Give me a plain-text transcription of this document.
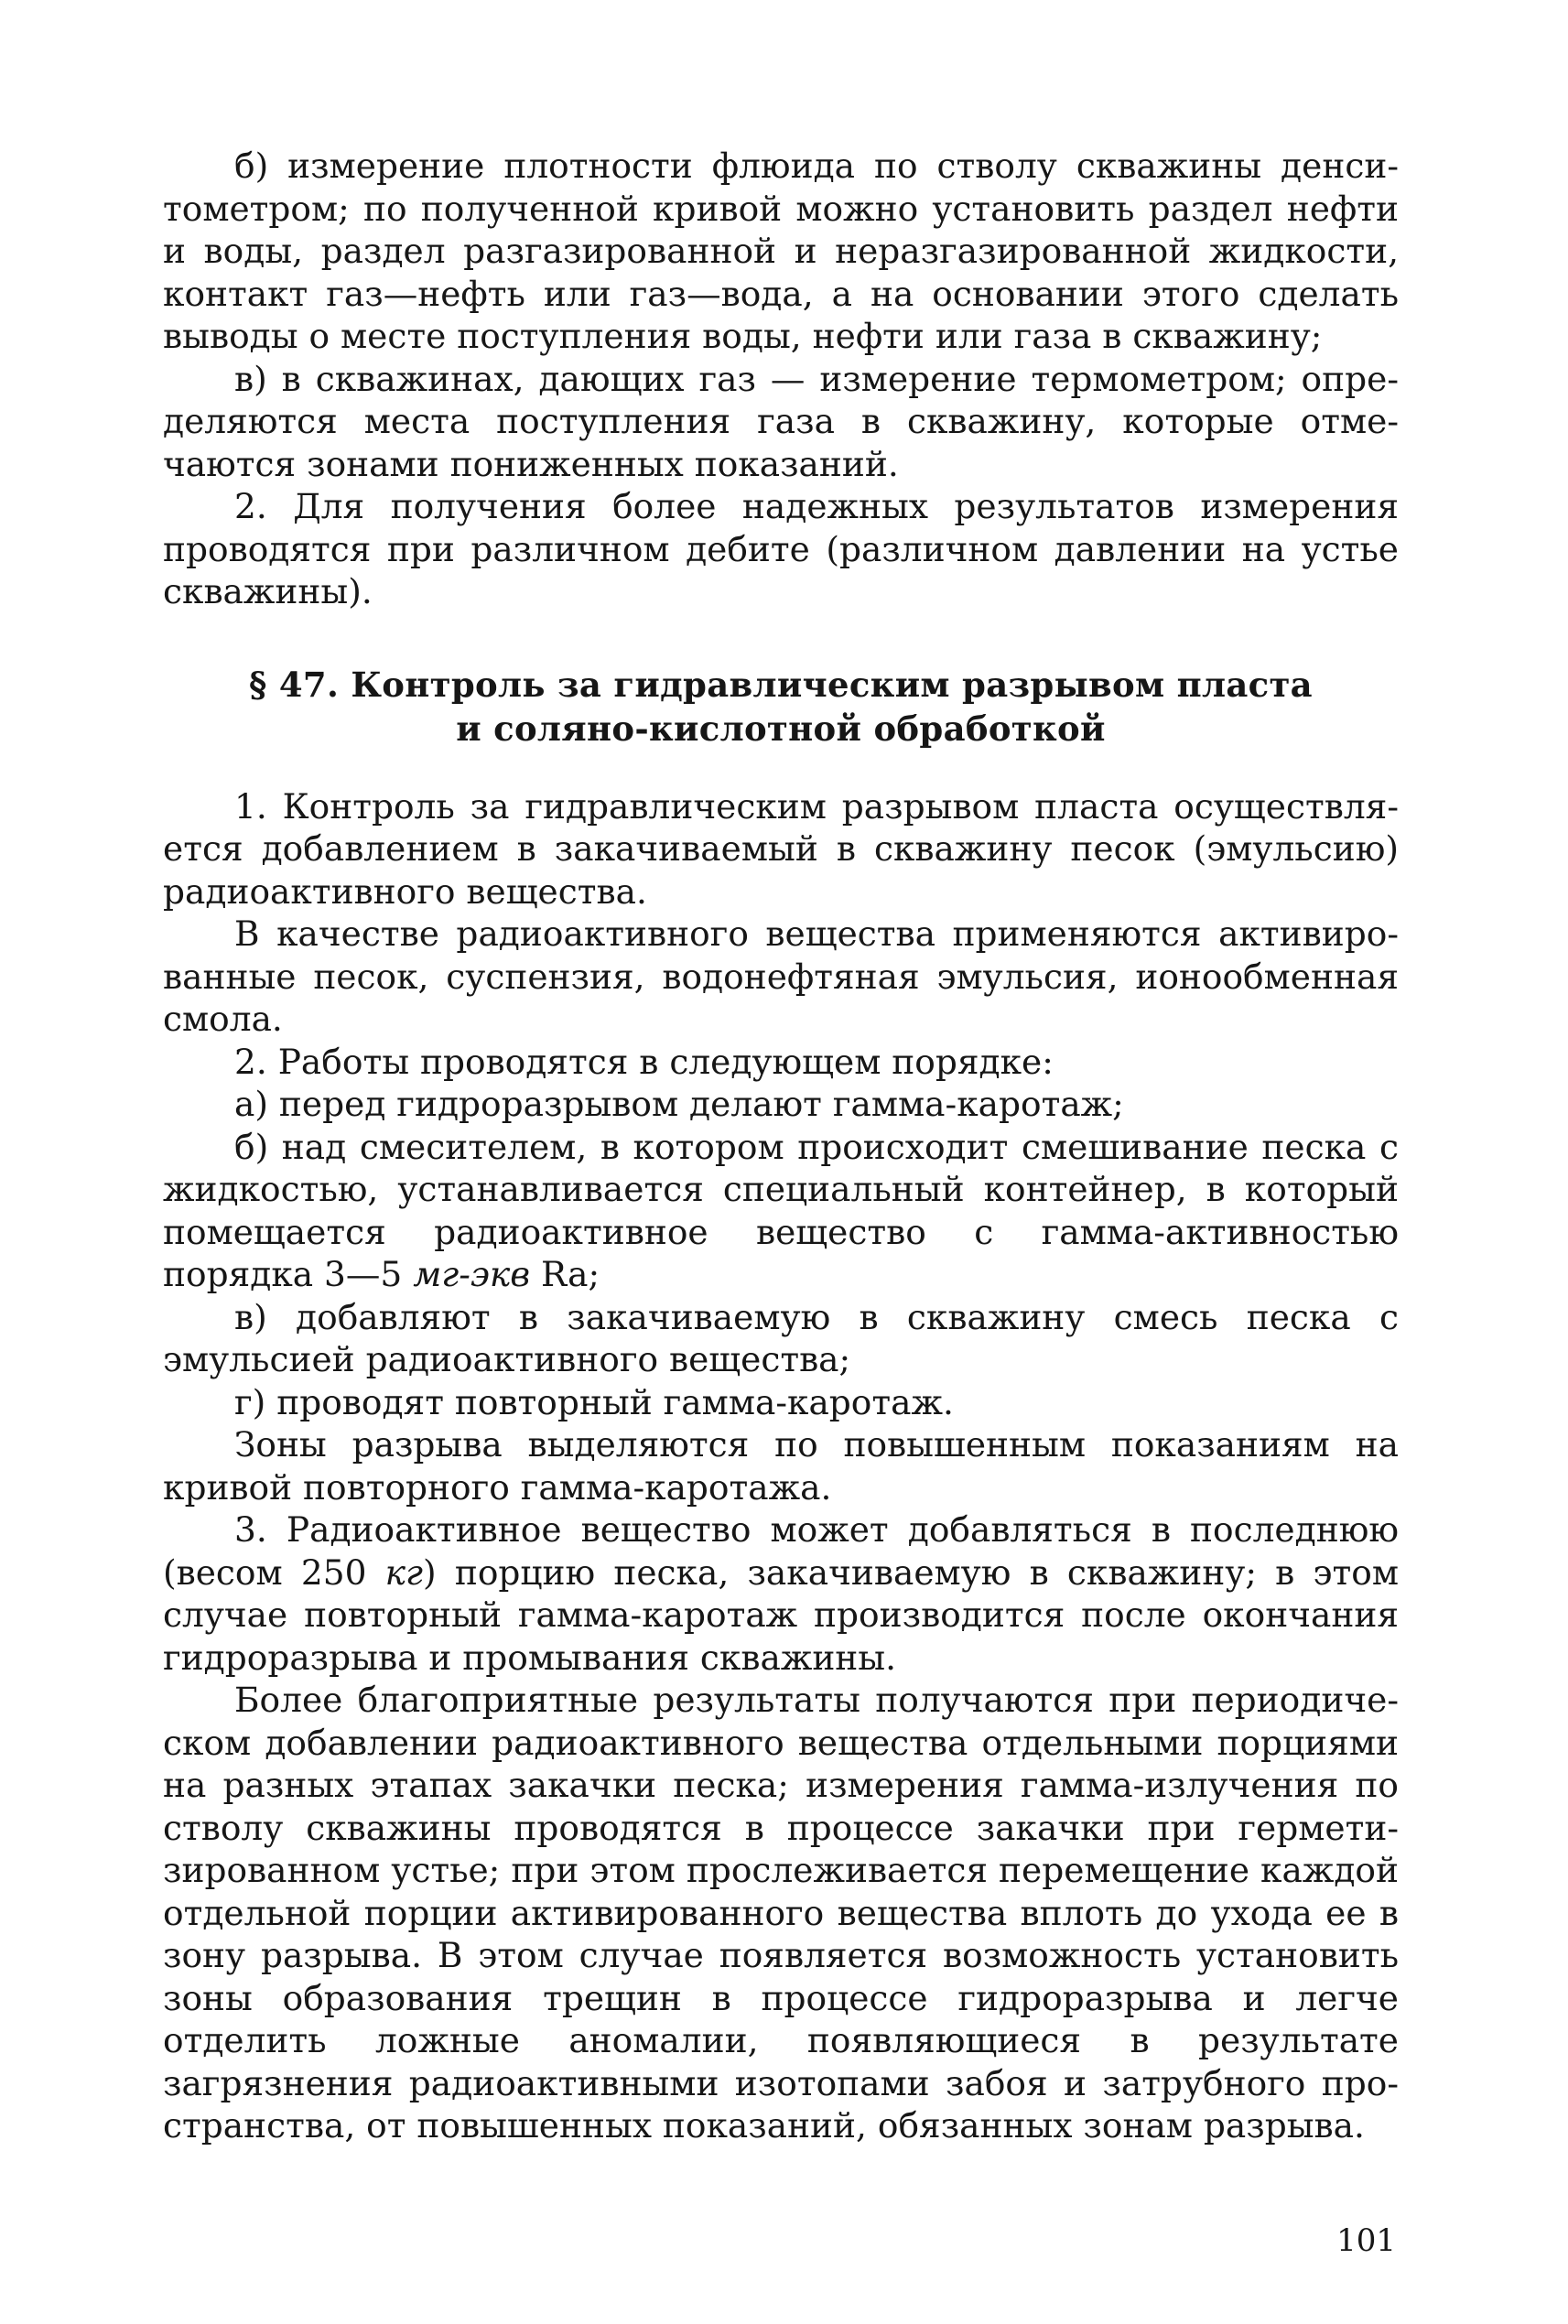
б) измерение плотности флюида по стволу скважины денситометром; по полученной кривой можно установить раздел нефти и воды, раздел разгазированной и неразгазированной жидкости, контакт газ—нефть или газ—вода, а на основании этого сделать выводы о месте поступления воды, нефти или газа в скважину;

в) в скважинах, дающих газ — измерение термометром; определяются места поступления газа в скважину, которые отмечаются зонами пониженных показаний.

2. Для получения более надежных результатов измерения проводятся при различном дебите (различном давлении на устье скважины).

§ 47. Контроль за гидравлическим разрывом пласта
и соляно-кислотной обработкой

1. Контроль за гидравлическим разрывом пласта осуществляется добавлением в закачиваемый в скважину песок (эмульсию) радиоактивного вещества.

В качестве радиоактивного вещества применяются активированные песок, суспензия, водонефтяная эмульсия, ионообменная смола.

2. Работы проводятся в следующем порядке:

а) перед гидроразрывом делают гамма-каротаж;

б) над смесителем, в котором происходит смешивание песка с жидкостью, устанавливается специальный контейнер, в который помещается радиоактивное вещество с гамма-активностью порядка 3—5 мг-экв Ra;

в) добавляют в закачиваемую в скважину смесь песка с эмульсией радиоактивного вещества;

г) проводят повторный гамма-каротаж.

Зоны разрыва выделяются по повышенным показаниям на кривой повторного гамма-каротажа.

3. Радиоактивное вещество может добавляться в последнюю (весом 250 кг) порцию песка, закачиваемую в скважину; в этом случае повторный гамма-каротаж производится после окончания гидроразрыва и промывания скважины.

Более благоприятные результаты получаются при периодическом добавлении радиоактивного вещества отдельными порциями на разных этапах закачки песка; измерения гамма-излучения по стволу скважины проводятся в процессе закачки при герметизированном устье; при этом прослеживается перемещение каждой отдельной порции активированного вещества вплоть до ухода ее в зону разрыва. В этом случае появляется возможность установить зоны образования трещин в процессе гидроразрыва и легче отделить ложные аномалии, появляющиеся в результате загрязнения радиоактивными изотопами забоя и затрубного пространства, от повышенных показаний, обязанных зонам разрыва.

101
